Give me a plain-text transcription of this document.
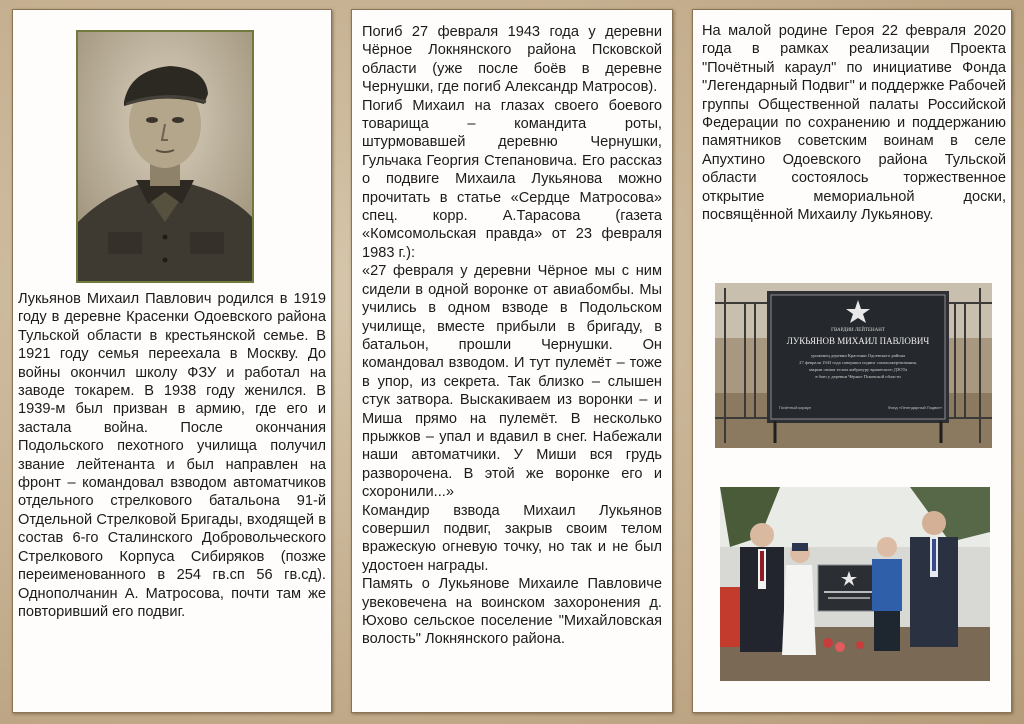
Лукьянов Михаил Павлович родился в 1919 году в деревне Красенки Одоевского района Тульской области в крестьянской семье. В 1921 году семья переехала в Москву. До войны окончил школу ФЗУ и работал на заводе токарем. В 1938 году женился. В 1939-м был призван в армию, где его и застала война. После окончания Подольского пехотного училища получил звание лейтенанта и был направлен на фронт – командовал взводом автоматчиков отдельного стрелкового батальона 91-й Отдельной Стрелковой Бригады, входящей в состав 6-го Сталинского Добровольческого Стрелкового Корпуса Сибиряков (позже переименованного в 254 гв.сп 56 гв.сд). Однополчанин А. Матросова, почти там же повторивший его подвиг.

Погиб 27 февраля 1943 года у деревни Чёрное Локнянского района Псковской области (уже после боёв в деревне Чернушки, где погиб Александр Матросов).

Погиб Михаил на глазах своего боевого товарища – командита роты, штурмовавшей деревню Чернушки, Гульчака Георгия Степановича. Его рассказ о подвиге Михаила Лукьянова можно прочитать в статье «Сердце Матросова» спец. корр. А.Тарасова (газета «Комсомольская правда» от 23 февраля 1983 г.):

«27 февраля у деревни Чёрное мы с ним сидели в одной воронке от авиабомбы. Мы учились в одном взводе в Подольском училище, вместе прибыли в бригаду, в батальон, прошли Чернушки. Он командовал взводом. И тут пулемёт – тоже в упор, из секрета. Так близко – слышен стук затвора. Выскакиваем из воронки – и Миша прямо на пулемёт. В несколько прыжков – упал и вдавил в снег. Набежали наши автоматчики. У Миши вся грудь разворочена. В этой же воронке его и схоронили...»

Командир взвода Михаил Лукьянов совершил подвиг, закрыв своим телом вражескую огневую точку, но так и не был удостоен награды.

Память о Лукьянове Михаиле Павловиче увековечена на воинском захоронения д. Юхово сельское поселение "Михайловская волость" Локнянского района.

На малой родине Героя 22 февраля 2020 года в рамках реализации Проекта "Почётный караул" по инициативе Фонда "Легендарный Подвиг" и поддержке Рабочей группы Общественной палаты Российской Федерации по сохранению и поддержанию памятников советским воинам в селе Апухтино Одоевского района Тульской области состоялось торжественное открытие мемориальной доски, посвящённой Михаилу Лукьянову.

ГВАРДИИ ЛЕЙТЕНАНТ
ЛУКЬЯНОВ МИХАИЛ ПАВЛОВИЧ
уроженец деревни Красенки Одоевского района
27 февраля 1943 года совершил подвиг самопожертвования,
закрыв своим телом амбразуру вражеского ДЗОТа
в бою у деревни Чёрное Псковской области
Почётный караул	Фонд «Легендарный Подвиг»
